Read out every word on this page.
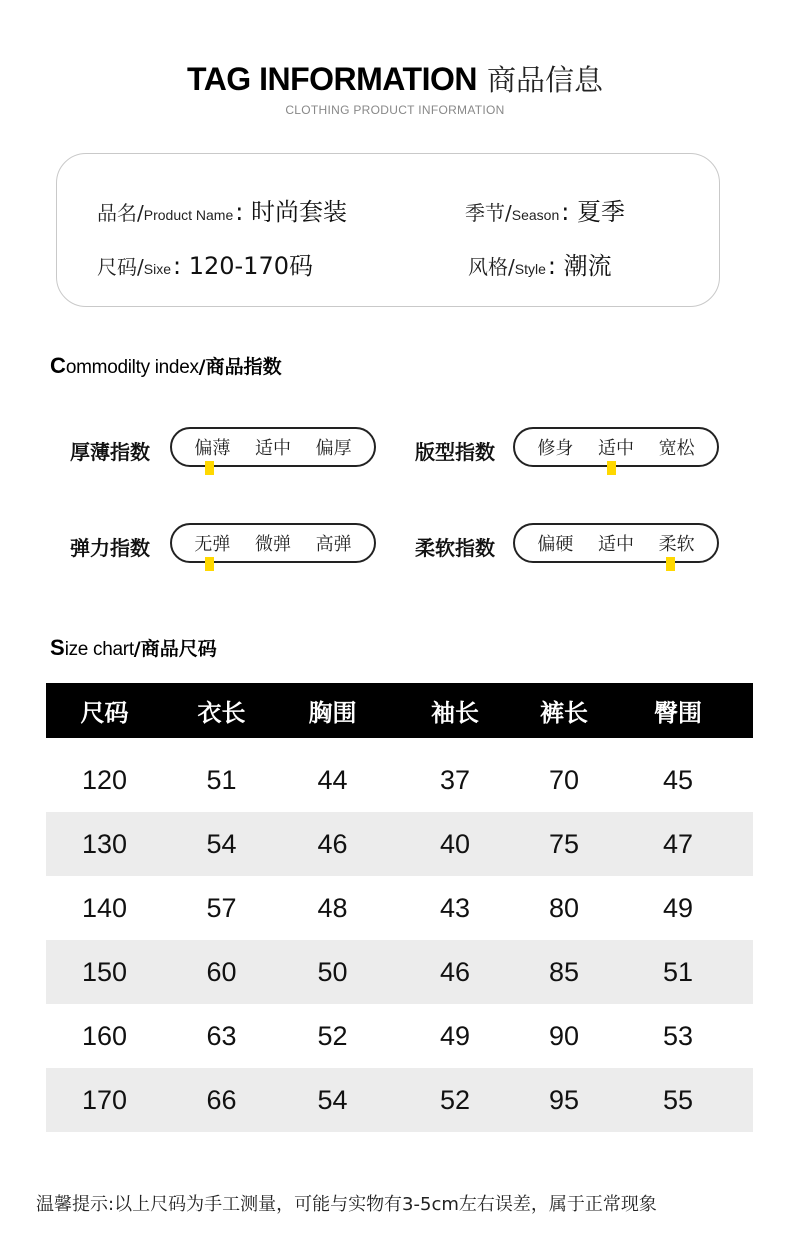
TAG INFORMATION 商品信息
CLOTHING PRODUCT INFORMATION
品名/Product Name: 时尚套装	季节/Season: 夏季
尺码/Sixe: 120-170码	风格/Style: 潮流
Commodilty index/商品指数
厚薄指数 偏薄 适中 偏厚	版型指数 修身 适中 宽松
弹力指数 无弹 微弹 高弹	柔软指数 偏硬 适中 柔软
Size chart/商品尺码
尺码	衣长	胸围	袖长	裤长	臀围
120	51	44	37	70	45
130	54	46	40	75	47
140	57	48	43	80	49
150	60	50	46	85	51
160	63	52	49	90	53
170	66	54	52	95	55
温馨提示:以上尺码为手工测量，可能与实物有3-5cm左右误差，属于正常现象
